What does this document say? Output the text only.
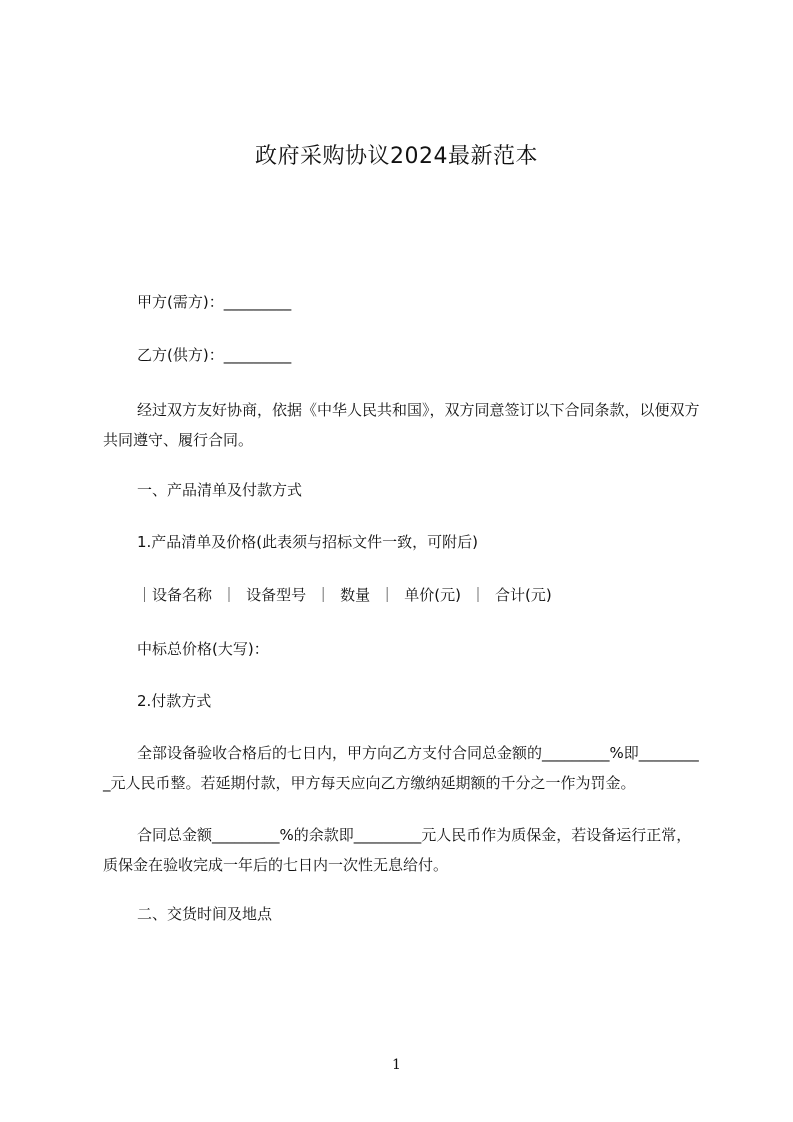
政府采购协议2024最新范本
甲方(需方)：_________
乙方(供方)：_________
经过双方友好协商，依据《中华人民共和国》，双方同意签订以下合同条款，以便双方共同遵守、履行合同。
一、产品清单及付款方式
1.产品清单及价格(此表须与招标文件一致，可附后)
｜设备名称  ｜  设备型号  ｜  数量  ｜  单价(元)  ｜  合计(元)
中标总价格(大写)：
2.付款方式
全部设备验收合格后的七日内，甲方向乙方支付合同总金额的_________%即_________元人民币整。若延期付款，甲方每天应向乙方缴纳延期额的千分之一作为罚金。
合同总金额_________%的余款即_________元人民币作为质保金，若设备运行正常，质保金在验收完成一年后的七日内一次性无息给付。
二、交货时间及地点
1
